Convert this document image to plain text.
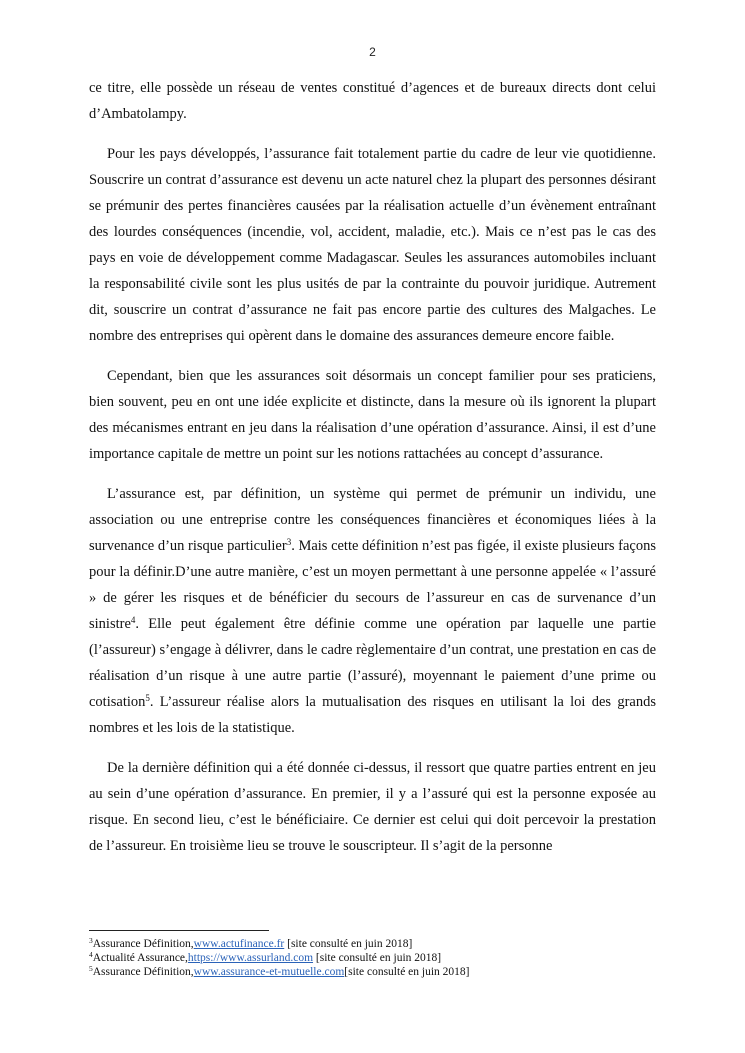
2

ce titre, elle possède un réseau de ventes constitué d’agences et de bureaux directs dont celui d’Ambatolampy.

Pour les pays développés, l’assurance fait totalement partie du cadre de leur vie quotidienne. Souscrire un contrat d’assurance est devenu un acte naturel chez la plupart des personnes désirant se prémunir des pertes financières causées par la réalisation actuelle d’un évènement entraînant des lourdes conséquences (incendie, vol, accident, maladie, etc.). Mais ce n’est pas le cas des pays en voie de développement comme Madagascar. Seules les assurances automobiles incluant la responsabilité civile sont les plus usités de par la contrainte du pouvoir juridique. Autrement dit, souscrire un contrat d’assurance ne fait pas encore partie des cultures des Malgaches. Le nombre des entreprises qui opèrent dans le domaine des assurances demeure encore faible.

Cependant, bien que les assurances soit désormais un concept familier pour ses praticiens, bien souvent, peu en ont une idée explicite et distincte, dans la mesure où ils ignorent la plupart des mécanismes entrant en jeu dans la réalisation d’une opération d’assurance. Ainsi, il est d’une importance capitale de mettre un point sur les notions rattachées au concept d’assurance.

L’assurance est, par définition, un système qui permet de prémunir un individu, une association ou une entreprise contre les conséquences financières et économiques liées à la survenance d’un risque particulier$^3$. Mais cette définition n’est pas figée, il existe plusieurs façons pour la définir.D’une autre manière, c’est un moyen permettant à une personne appelée « l’assuré » de gérer les risques et de bénéficier du secours de l’assureur en cas de survenance d’un sinistre$^4$. Elle peut également être définie comme une opération par laquelle une partie (l’assureur) s’engage à délivrer, dans le cadre règlementaire d’un contrat, une prestation en cas de réalisation d’un risque à une autre partie (l’assuré), moyennant le paiement d’une prime ou cotisation$^5$. L’assureur réalise alors la mutualisation des risques en utilisant la loi des grands nombres et les lois de la statistique.

De la dernière définition qui a été donnée ci-dessus, il ressort que quatre parties entrent en jeu au sein d’une opération d’assurance. En premier, il y a l’assuré qui est la personne exposée au risque. En second lieu, c’est le bénéficiaire. Ce dernier est celui qui doit percevoir la prestation de l’assureur. En troisième lieu se trouve le souscripteur. Il s’agit de la personne

$^3$Assurance Définition,www.actufinance.fr [site consulté en juin 2018]
$^4$Actualité Assurance,https://www.assurland.com [site consulté en juin 2018]
$^5$Assurance Définition,www.assurance-et-mutuelle.com[site consulté en juin 2018]
